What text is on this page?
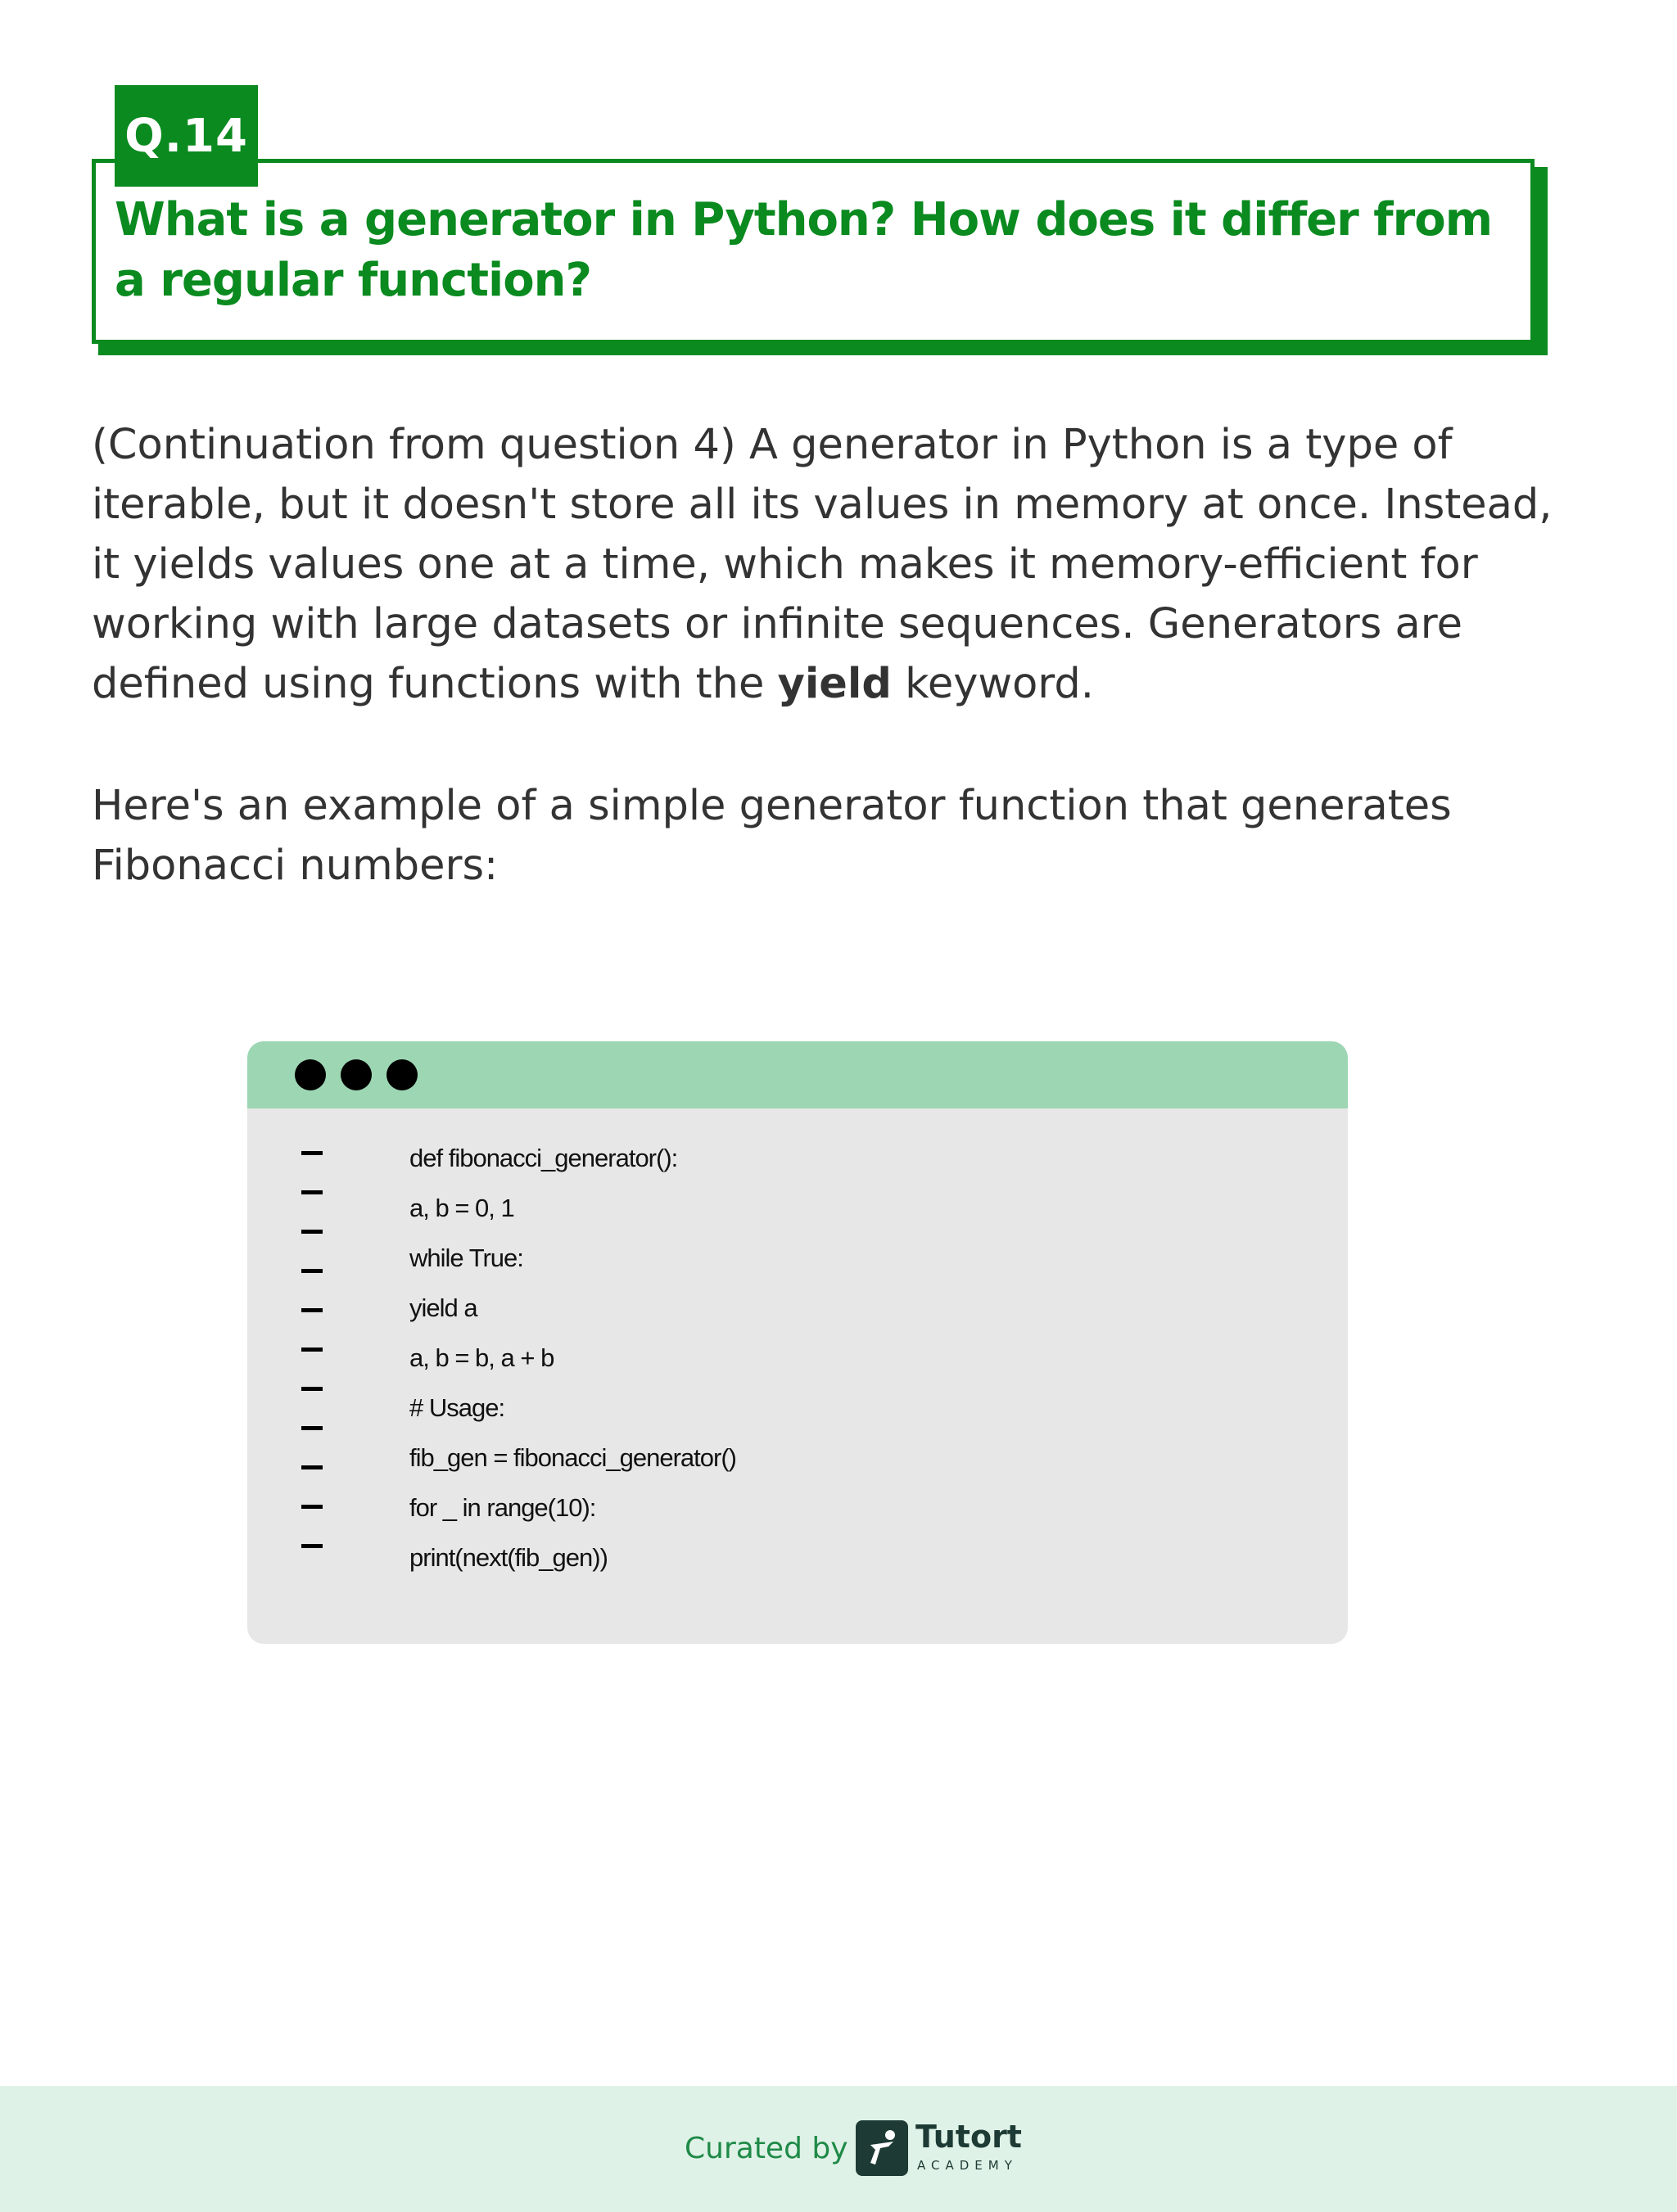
Q.14
What is a generator in Python? How does it differ from a regular function?

(Continuation from question 4) A generator in Python is a type of iterable, but it doesn't store all its values in memory at once. Instead, it yields values one at a time, which makes it memory-efficient for working with large datasets or infinite sequences. Generators are defined using functions with the yield keyword.

Here's an example of a simple generator function that generates Fibonacci numbers:

def fibonacci_generator():
a, b = 0, 1
while True:
yield a
a, b = b, a + b
# Usage:
fib_gen = fibonacci_generator()
for _ in range(10):
print(next(fib_gen))
Curated by Tutort
ACADEMY
